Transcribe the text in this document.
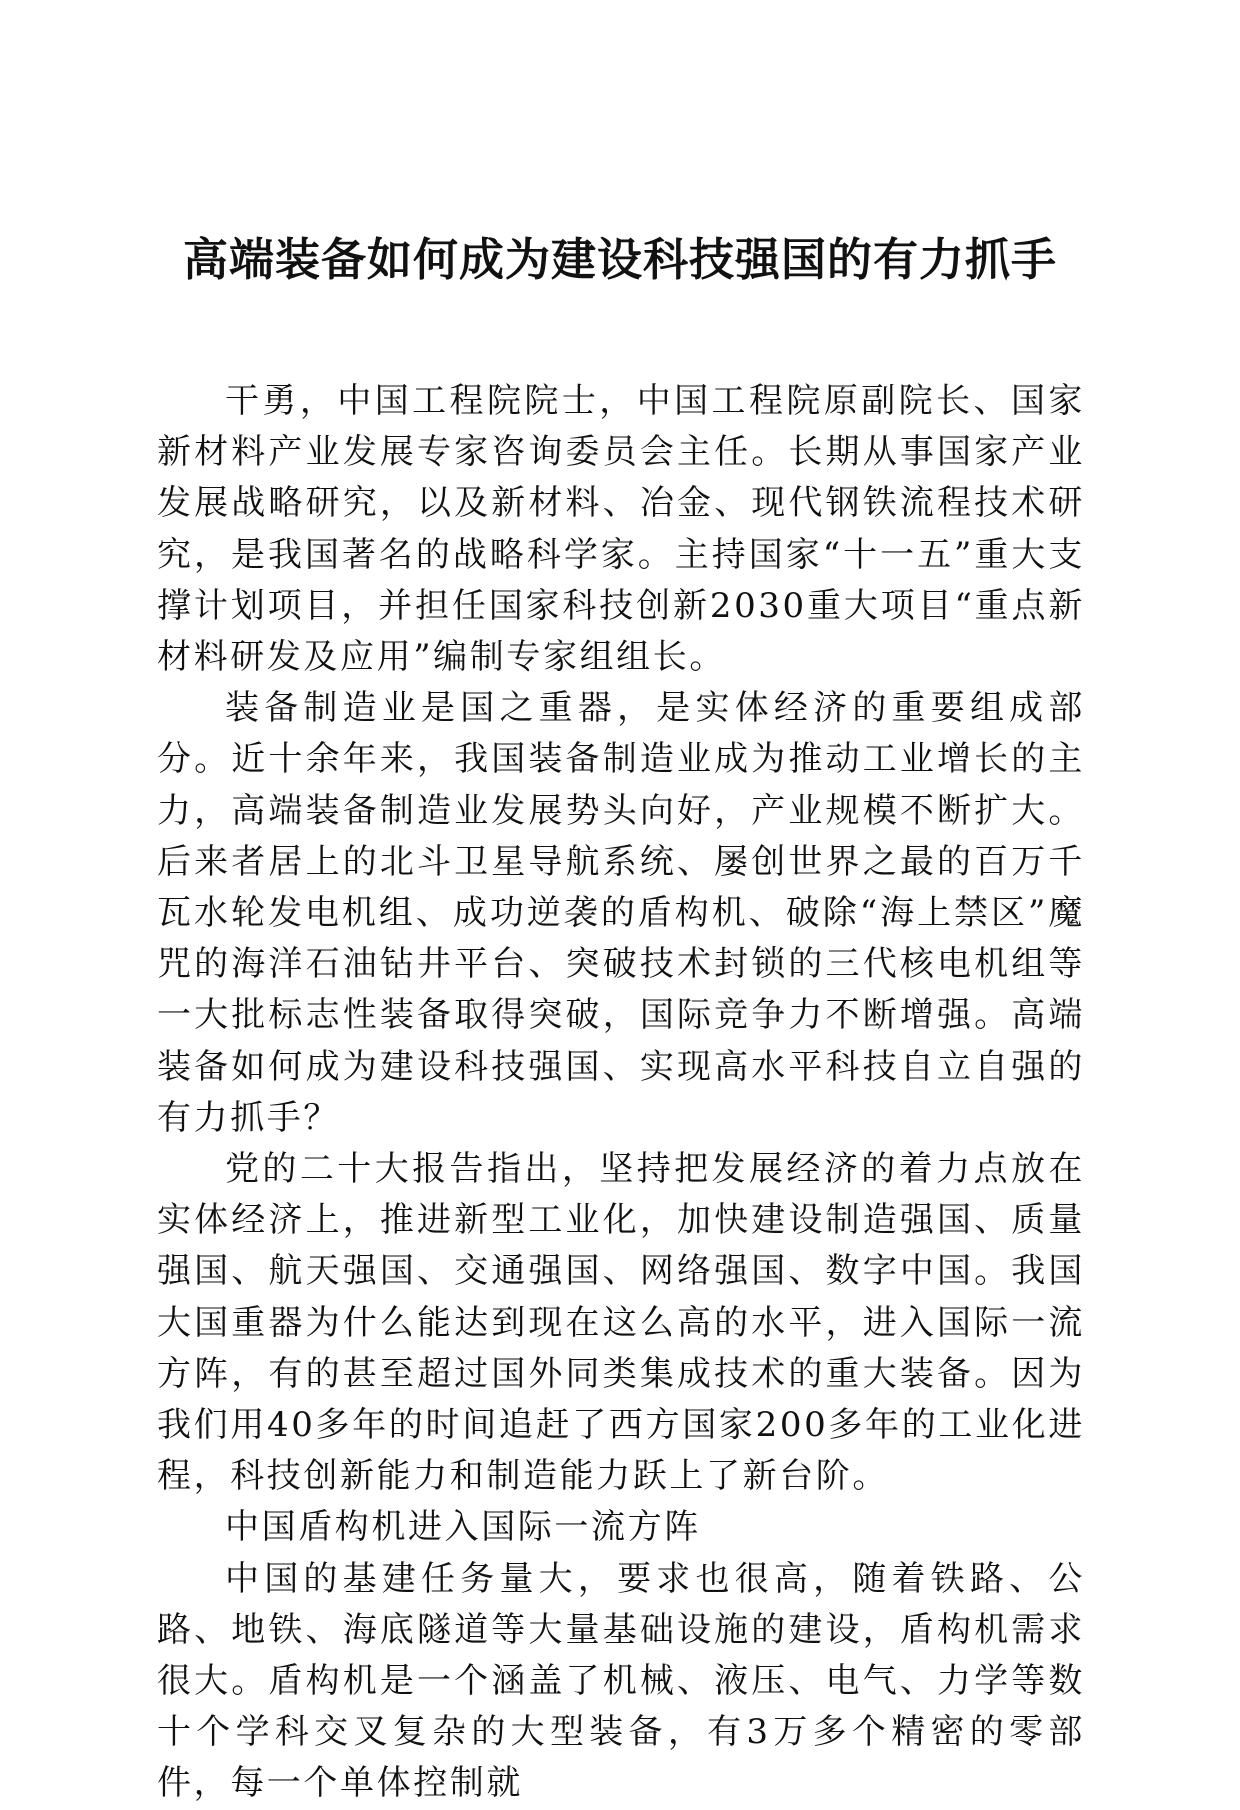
高端装备如何成为建设科技强国的有力抓手

干勇，中国工程院院士，中国工程院原副院长、国家新材料产业发展专家咨询委员会主任。长期从事国家产业发展战略研究，以及新材料、冶金、现代钢铁流程技术研究，是我国著名的战略科学家。主持国家“十一五”重大支撑计划项目，并担任国家科技创新2030重大项目“重点新材料研发及应用”编制专家组组长。

装备制造业是国之重器，是实体经济的重要组成部分。近十余年来，我国装备制造业成为推动工业增长的主力，高端装备制造业发展势头向好，产业规模不断扩大。后来者居上的北斗卫星导航系统、屡创世界之最的百万千瓦水轮发电机组、成功逆袭的盾构机、破除“海上禁区”魔咒的海洋石油钻井平台、突破技术封锁的三代核电机组等一大批标志性装备取得突破，国际竞争力不断增强。高端装备如何成为建设科技强国、实现高水平科技自立自强的有力抓手？

党的二十大报告指出，坚持把发展经济的着力点放在实体经济上，推进新型工业化，加快建设制造强国、质量强国、航天强国、交通强国、网络强国、数字中国。我国大国重器为什么能达到现在这么高的水平，进入国际一流方阵，有的甚至超过国外同类集成技术的重大装备。因为我们用40多年的时间追赶了西方国家200多年的工业化进程，科技创新能力和制造能力跃上了新台阶。

中国盾构机进入国际一流方阵

中国的基建任务量大，要求也很高，随着铁路、公路、地铁、海底隧道等大量基础设施的建设，盾构机需求很大。盾构机是一个涵盖了机械、液压、电气、力学等数十个学科交叉复杂的大型装备，有3万多个精密的零部件，每一个单体控制就
